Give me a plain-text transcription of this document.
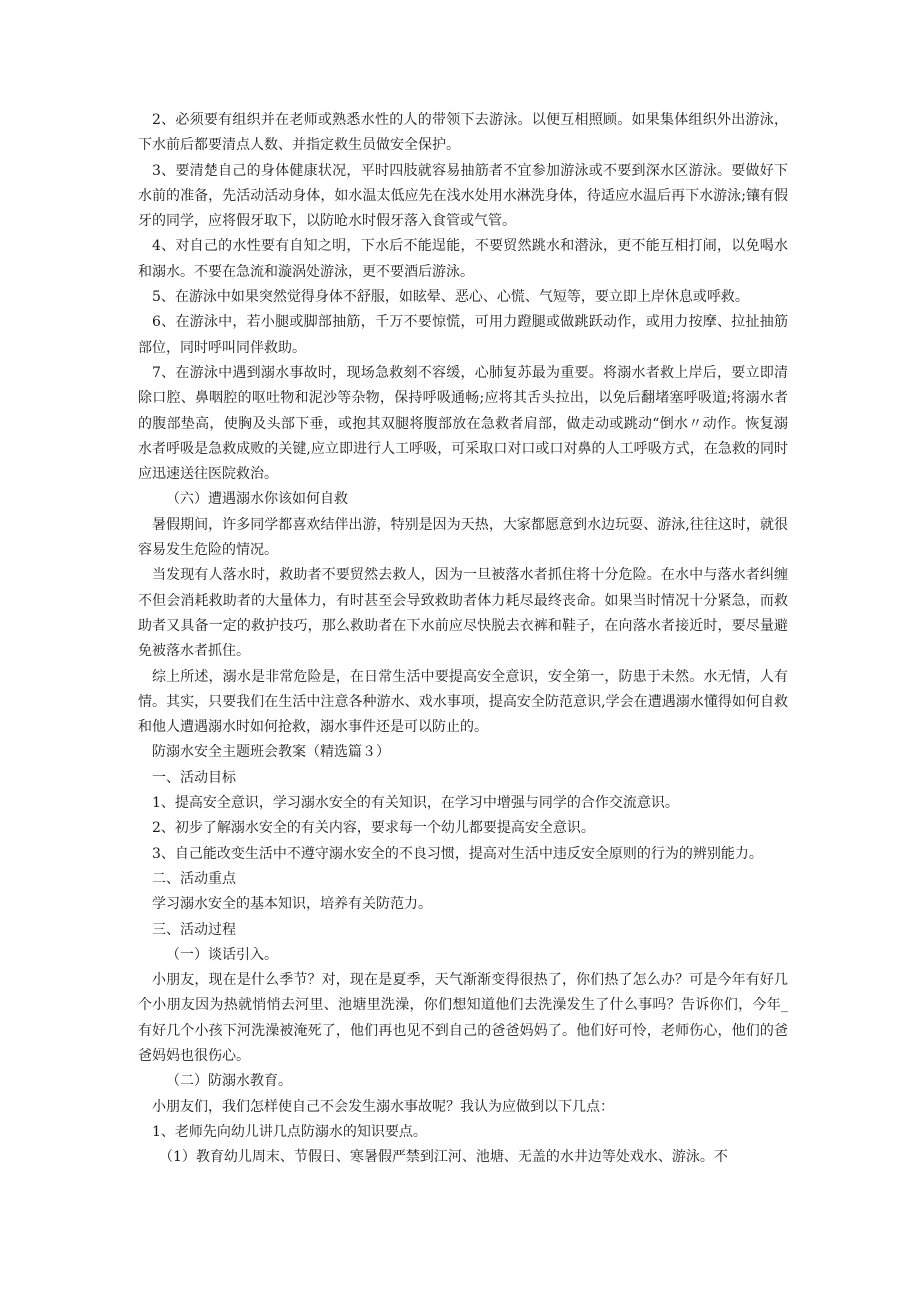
2、必须要有组织并在老师或熟悉水性的人的带领下去游泳。以便互相照顾。如果集体组织外出游泳，下水前后都要清点人数、并指定救生员做安全保护。

3、要清楚自己的身体健康状况，平时四肢就容易抽筋者不宜参加游泳或不要到深水区游泳。要做好下水前的准备，先活动活动身体，如水温太低应先在浅水处用水淋洗身体，待适应水温后再下水游泳;镶有假牙的同学，应将假牙取下，以防呛水时假牙落入食管或气管。

4、对自己的水性要有自知之明，下水后不能逞能，不要贸然跳水和潜泳，更不能互相打闹，以免喝水和溺水。不要在急流和漩涡处游泳，更不要酒后游泳。

5、在游泳中如果突然觉得身体不舒服，如眩晕、恶心、心慌、气短等，要立即上岸休息或呼救。

6、在游泳中，若小腿或脚部抽筋，千万不要惊慌，可用力蹬腿或做跳跃动作，或用力按摩、拉扯抽筋部位，同时呼叫同伴救助。

7、在游泳中遇到溺水事故时，现场急救刻不容缓，心肺复苏最为重要。将溺水者救上岸后，要立即清除口腔、鼻咽腔的呕吐物和泥沙等杂物，保持呼吸通畅;应将其舌头拉出，以免后翻堵塞呼吸道;将溺水者的腹部垫高，使胸及头部下垂，或抱其双腿将腹部放在急救者肩部，做走动或跳动“倒水〃动作。恢复溺水者呼吸是急救成败的关键,应立即进行人工呼吸，可采取口对口或口对鼻的人工呼吸方式，在急救的同时应迅速送往医院救治。

（六）遭遇溺水你该如何自救

暑假期间，许多同学都喜欢结伴出游，特别是因为天热，大家都愿意到水边玩耍、游泳,往往这时，就很容易发生危险的情况。

当发现有人落水时，救助者不要贸然去救人，因为一旦被落水者抓住将十分危险。在水中与落水者纠缠不但会消耗救助者的大量体力，有时甚至会导致救助者体力耗尽最终丧命。如果当时情况十分紧急，而救助者又具备一定的救护技巧，那么救助者在下水前应尽快脱去衣裤和鞋子，在向落水者接近时，要尽量避免被落水者抓住。

综上所述，溺水是非常危险是，在日常生活中要提高安全意识，安全第一，防患于未然。水无情，人有情。其实，只要我们在生活中注意各种游水、戏水事项，提高安全防范意识,学会在遭遇溺水懂得如何自救和他人遭遇溺水时如何抢救，溺水事件还是可以防止的。

防溺水安全主题班会教案（精选篇３）

一、活动目标

1、提高安全意识，学习溺水安全的有关知识，在学习中增强与同学的合作交流意识。

2、初步了解溺水安全的有关内容，要求每一个幼儿都要提高安全意识。

3、自己能改变生活中不遵守溺水安全的不良习惯，提高对生活中违反安全原则的行为的辨别能力。

二、活动重点

学习溺水安全的基本知识，培养有关防范力。

三、活动过程

（一）谈话引入。

小朋友，现在是什么季节？对，现在是夏季，天气渐渐变得很热了，你们热了怎么办？可是今年有好几个小朋友因为热就悄悄去河里、池塘里洗澡，你们想知道他们去洗澡发生了什么事吗？告诉你们，今年_有好几个小孩下河洗澡被淹死了，他们再也见不到自己的爸爸妈妈了。他们好可怜，老师伤心，他们的爸爸妈妈也很伤心。

（二）防溺水教育。

小朋友们，我们怎样使自己不会发生溺水事故呢？我认为应做到以下几点：

1、老师先向幼儿讲几点防溺水的知识要点。

（1）教育幼儿周末、节假日、寒暑假严禁到江河、池塘、无盖的水井边等处戏水、游泳。不
